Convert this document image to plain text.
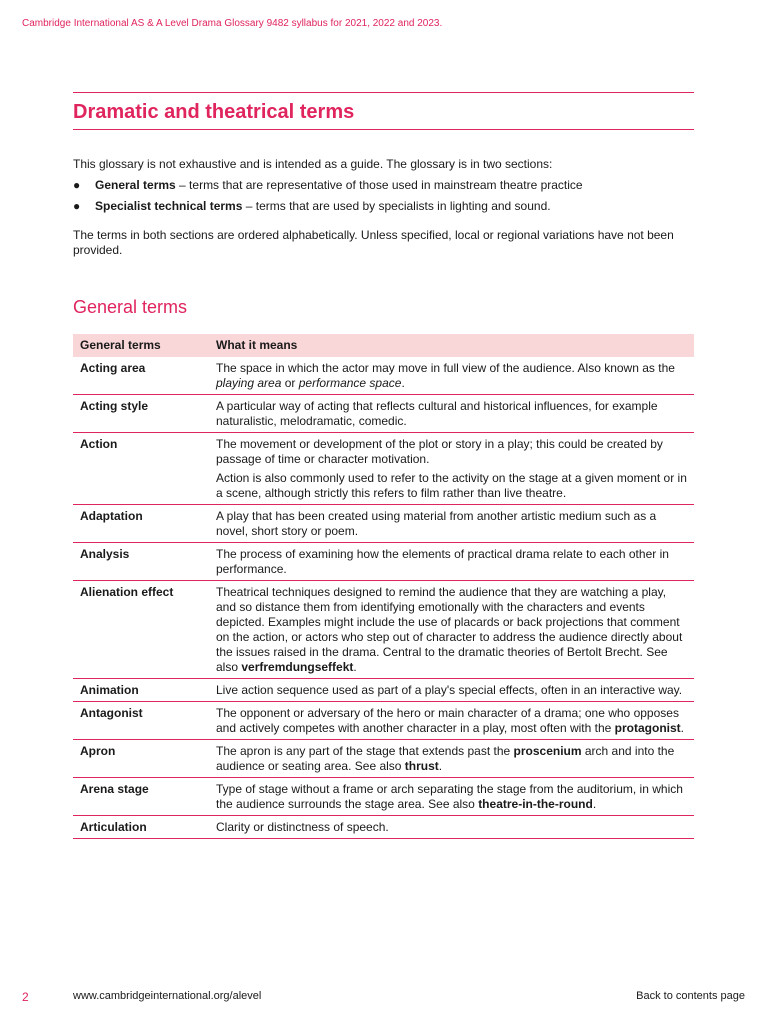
Cambridge International AS & A Level Drama Glossary 9482 syllabus for 2021, 2022 and 2023.
Dramatic and theatrical terms

This glossary is not exhaustive and is intended as a guide. The glossary is in two sections:

● General terms – terms that are representative of those used in mainstream theatre practice
● Specialist technical terms – terms that are used by specialists in lighting and sound.

The terms in both sections are ordered alphabetically. Unless specified, local or regional variations have not been provided.

General terms
General terms	What it means
Acting area	The space in which the actor may move in full view of the audience. Also known as the playing area or performance space.

Acting style	A particular way of acting that reflects cultural and historical influences, for example naturalistic, melodramatic, comedic.

Action	The movement or development of the plot or story in a play; this could be created by passage of time or character motivation.

Action is also commonly used to refer to the activity on the stage at a given moment or in a scene, although strictly this refers to film rather than live theatre.

Adaptation	A play that has been created using material from another artistic medium such as a novel, short story or poem.

Analysis	The process of examining how the elements of practical drama relate to each other in performance.

Alienation effect	Theatrical techniques designed to remind the audience that they are watching a play, and so distance them from identifying emotionally with the characters and events depicted. Examples might include the use of placards or back projections that comment on the action, or actors who step out of character to address the audience directly about the issues raised in the drama. Central to the dramatic theories of Bertolt Brecht. See also verfremdungseffekt.

Animation	Live action sequence used as part of a play's special effects, often in an interactive way.

Antagonist	The opponent or adversary of the hero or main character of a drama; one who opposes and actively competes with another character in a play, most often with the protagonist.

Apron	The apron is any part of the stage that extends past the proscenium arch and into the audience or seating area. See also thrust.

Arena stage	Type of stage without a frame or arch separating the stage from the auditorium, in which the audience surrounds the stage area. See also theatre-in-the-round.

Articulation	Clarity or distinctness of speech.

2	www.cambridgeinternational.org/alevel	Back to contents page
